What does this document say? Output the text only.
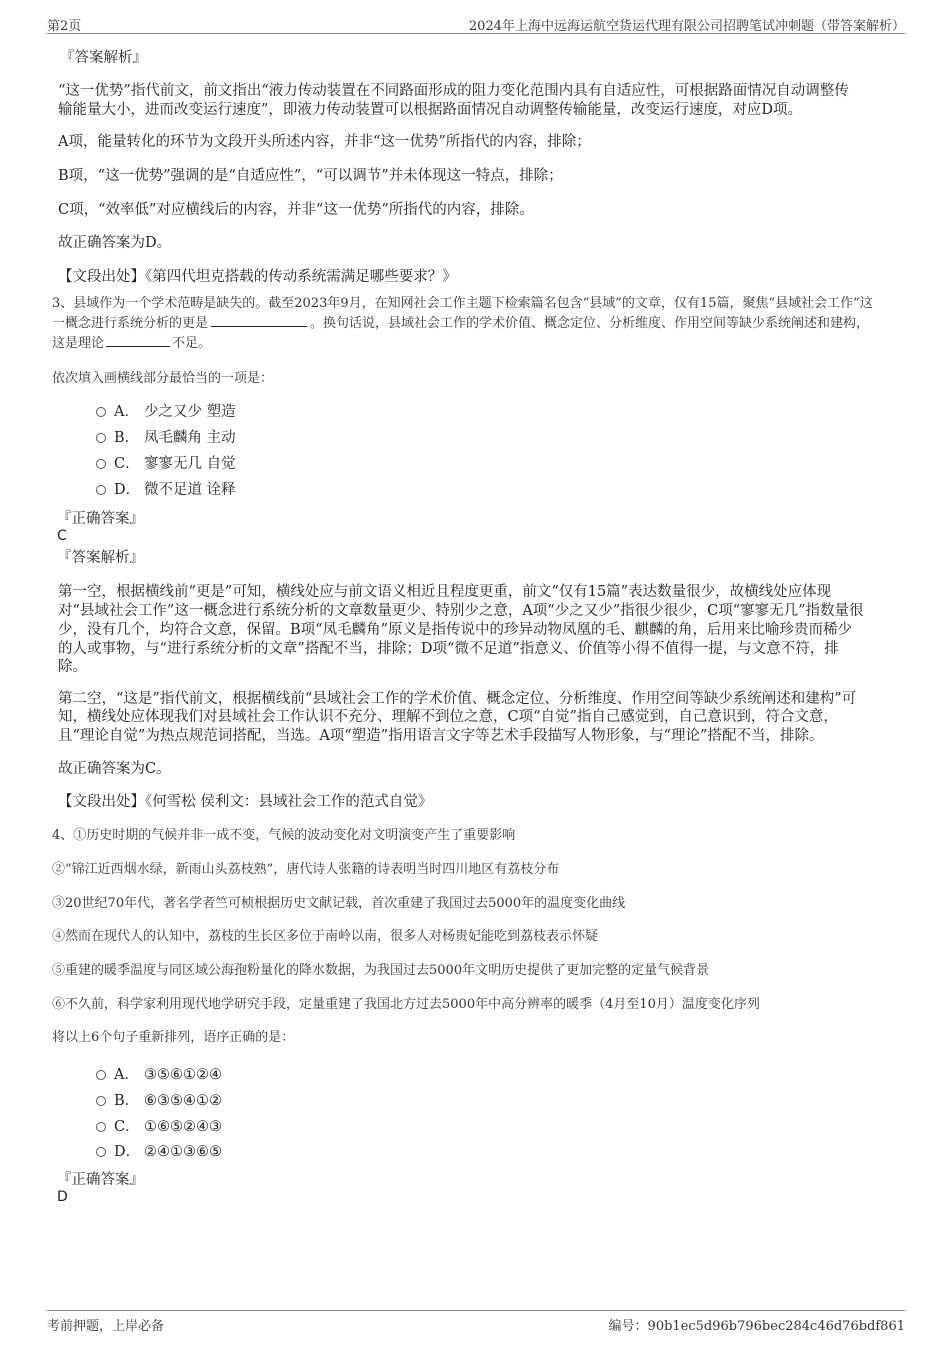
第2页	2024年上海中远海运航空货运代理有限公司招聘笔试冲刺题（带答案解析）
『答案解析』
“这一优势”指代前文，前文指出“液力传动装置在不同路面形成的阻力变化范围内具有自适应性，可根据路面情况自动调整传
输能量大小，进而改变运行速度”，即液力传动装置可以根据路面情况自动调整传输能量，改变运行速度，对应D项。
A项，能量转化的环节为文段开头所述内容，并非“这一优势”所指代的内容，排除；
B项，“这一优势”强调的是“自适应性”，“可以调节”并未体现这一特点，排除；
C项，“效率低”对应横线后的内容，并非“这一优势”所指代的内容，排除。
故正确答案为D。
【文段出处】《第四代坦克搭载的传动系统需满足哪些要求？》
3、县域作为一个学术范畴是缺失的。截至2023年9月，在知网社会工作主题下检索篇名包含“县域”的文章，仅有15篇，聚焦“县域社会工作”这
一概念进行系统分析的更是	。换句话说，县域社会工作的学术价值、概念定位、分析维度、作用空间等缺少系统阐述和建构，
这是理论	不足。
依次填入画横线部分最恰当的一项是：
A． 少之又少 塑造
B． 凤毛麟角 主动
C． 寥寥无几 自觉
D． 微不足道 诠释
『正确答案』
C
『答案解析』
第一空，根据横线前“更是”可知，横线处应与前文语义相近且程度更重，前文“仅有15篇”表达数量很少，故横线处应体现
对“县域社会工作”这一概念进行系统分析的文章数量更少、特别少之意，A项“少之又少”指很少很少，C项“寥寥无几”指数量很
少，没有几个，均符合文意，保留。B项“凤毛麟角”原义是指传说中的珍异动物凤凰的毛、麒麟的角，后用来比喻珍贵而稀少
的人或事物，与“进行系统分析的文章”搭配不当，排除；D项“微不足道”指意义、价值等小得不值得一提，与文意不符，排
除。
第二空，“这是”指代前文，根据横线前“县域社会工作的学术价值、概念定位、分析维度、作用空间等缺少系统阐述和建构”可
知，横线处应体现我们对县域社会工作认识不充分、理解不到位之意，C项“自觉”指自己感觉到，自己意识到，符合文意，
且“理论自觉”为热点规范词搭配，当选。A项“塑造”指用语言文字等艺术手段描写人物形象，与“理论”搭配不当，排除。
故正确答案为C。
【文段出处】《何雪松 侯利文：县域社会工作的范式自觉》
4、①历史时期的气候并非一成不变，气候的波动变化对文明演变产生了重要影响
②“锦江近西烟水绿，新雨山头荔枝熟”，唐代诗人张籍的诗表明当时四川地区有荔枝分布
③20世纪70年代，著名学者竺可桢根据历史文献记载，首次重建了我国过去5000年的温度变化曲线
④然而在现代人的认知中，荔枝的生长区多位于南岭以南，很多人对杨贵妃能吃到荔枝表示怀疑
⑤重建的暖季温度与同区域公海孢粉量化的降水数据，为我国过去5000年文明历史提供了更加完整的定量气候背景
⑥不久前，科学家利用现代地学研究手段，定量重建了我国北方过去5000年中高分辨率的暖季（4月至10月）温度变化序列
将以上6个句子重新排列，语序正确的是：
A． ③⑤⑥①②④
B． ⑥③⑤④①②
C． ①⑥⑤②④③
D． ②④①③⑥⑤
『正确答案』
D
考前押题，上岸必备	编号：90b1ec5d96b796bec284c46d76bdf861
